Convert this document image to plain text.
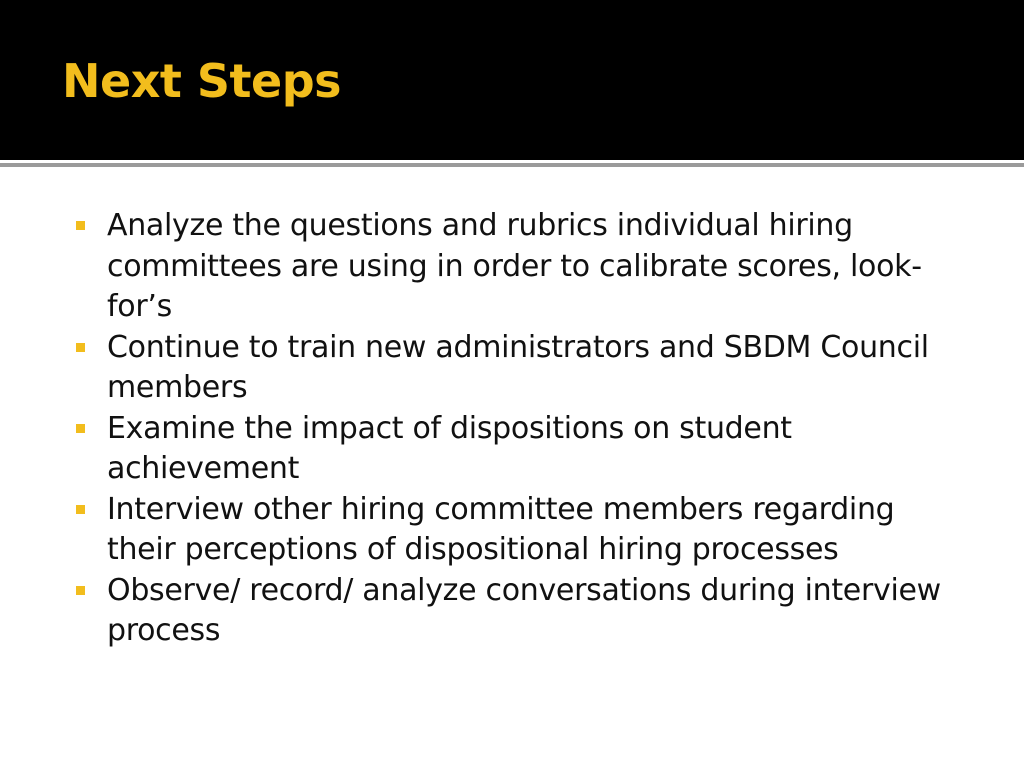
Next Steps
Analyze the questions and rubrics individual hiring committees are using in order to calibrate scores, look-for’s
Continue to train new administrators and SBDM Council members
Examine the impact of dispositions on student achievement
Interview other hiring committee members regarding their perceptions of dispositional hiring processes
Observe/ record/ analyze conversations during interview process
